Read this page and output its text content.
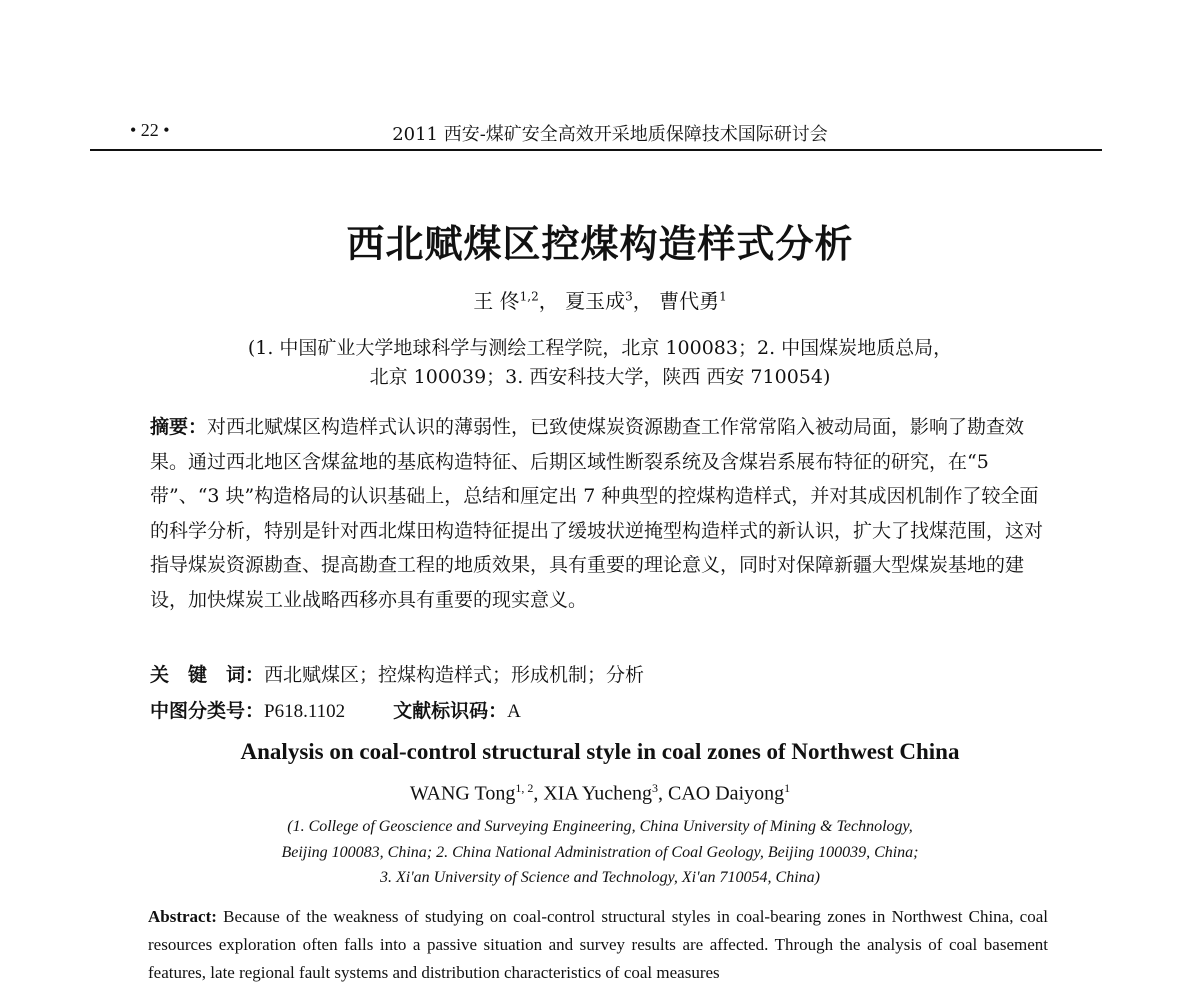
• 22 •	2011 西安-煤矿安全高效开采地质保障技术国际研讨会
西北赋煤区控煤构造样式分析
王 佟$^{1,2}$， 夏玉成$^3$， 曹代勇$^1$
(1. 中国矿业大学地球科学与测绘工程学院，北京 100083；2. 中国煤炭地质总局，
北京 100039；3. 西安科技大学，陕西 西安 710054)
摘要：对西北赋煤区构造样式认识的薄弱性，已致使煤炭资源勘查工作常常陷入被动局面，影响了勘查效果。通过西北地区含煤盆地的基底构造特征、后期区域性断裂系统及含煤岩系展布特征的研究，在“5 带”、“3 块”构造格局的认识基础上，总结和厘定出 7 种典型的控煤构造样式，并对其成因机制作了较全面的科学分析，特别是针对西北煤田构造特征提出了缓坡状逆掩型构造样式的新认识，扩大了找煤范围，这对指导煤炭资源勘查、提高勘查工程的地质效果，具有重要的理论意义，同时对保障新疆大型煤炭基地的建设，加快煤炭工业战略西移亦具有重要的现实意义。
关　键　词：西北赋煤区；控煤构造样式；形成机制；分析
中图分类号：P618.1102	文献标识码：A
Analysis on coal-control structural style in coal zones of Northwest China
WANG Tong$^{1, 2}$, XIA Yucheng$^3$, CAO Daiyong$^1$
(1. College of Geoscience and Surveying Engineering, China University of Mining & Technology,
Beijing 100083, China; 2. China National Administration of Coal Geology, Beijing 100039, China;
3. Xi'an University of Science and Technology, Xi'an 710054, China)
Abstract: Because of the weakness of studying on coal-control structural styles in coal-bearing zones in Northwest China, coal resources exploration often falls into a passive situation and survey results are affected. Through the analysis of coal basement features, late regional fault systems and distribution characteristics of coal measures
